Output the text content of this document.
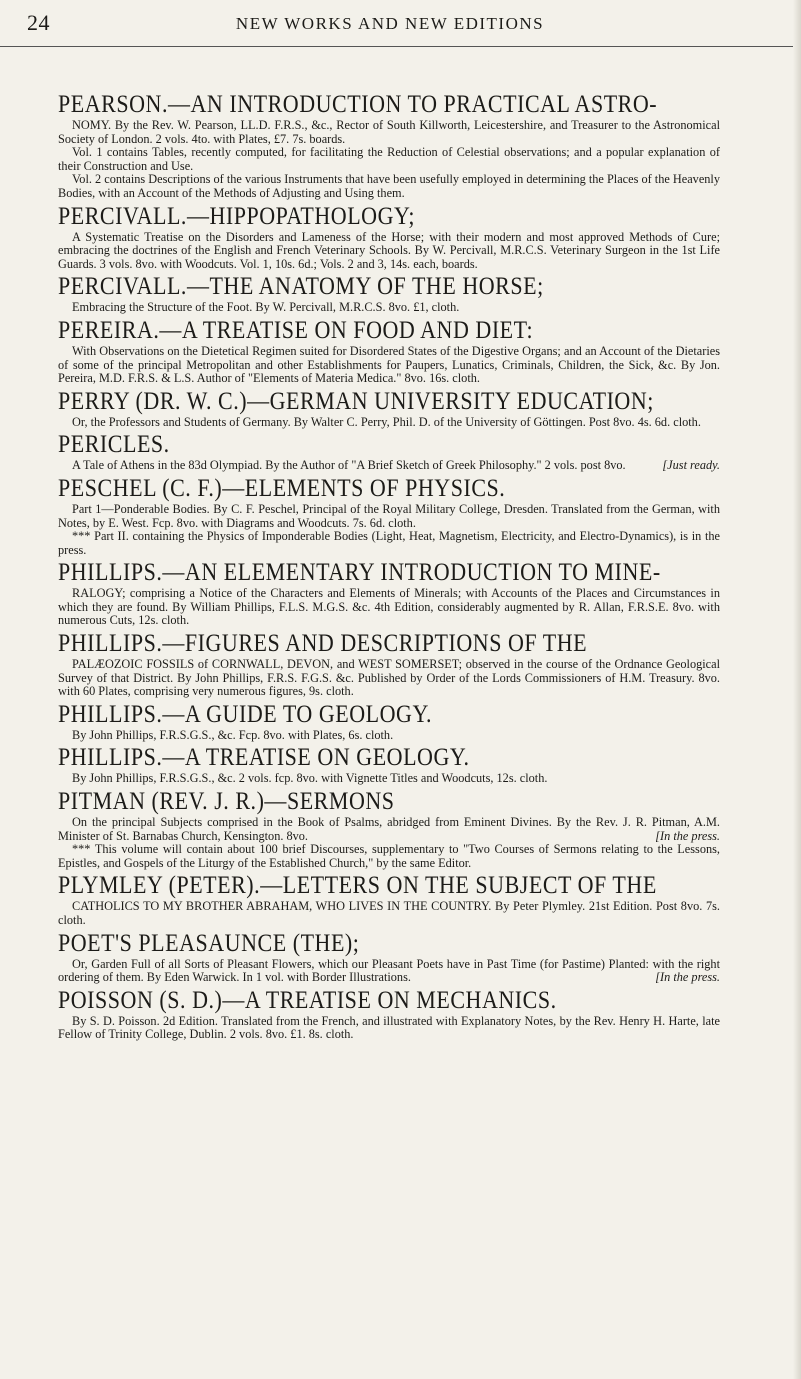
24	NEW WORKS AND NEW EDITIONS
PEARSON.—AN INTRODUCTION TO PRACTICAL ASTRO-

NOMY. By the Rev. W. Pearson, LL.D. F.R.S., &c., Rector of South Killworth, Leicestershire, and Treasurer to the Astronomical Society of London. 2 vols. 4to. with Plates, £7. 7s. boards.

Vol. 1 contains Tables, recently computed, for facilitating the Reduction of Celestial observations; and a popular explanation of their Construction and Use.

Vol. 2 contains Descriptions of the various Instruments that have been usefully employed in determining the Places of the Heavenly Bodies, with an Account of the Methods of Adjusting and Using them.

PERCIVALL.—HIPPOPATHOLOGY;

A Systematic Treatise on the Disorders and Lameness of the Horse; with their modern and most approved Methods of Cure; embracing the doctrines of the English and French Veterinary Schools. By W. Percivall, M.R.C.S. Veterinary Surgeon in the 1st Life Guards. 3 vols. 8vo. with Woodcuts. Vol. 1, 10s. 6d.; Vols. 2 and 3, 14s. each, boards.

PERCIVALL.—THE ANATOMY OF THE HORSE;

Embracing the Structure of the Foot. By W. Percivall, M.R.C.S. 8vo. £1, cloth.

PEREIRA.—A TREATISE ON FOOD AND DIET:

With Observations on the Dietetical Regimen suited for Disordered States of the Digestive Organs; and an Account of the Dietaries of some of the principal Metropolitan and other Establishments for Paupers, Lunatics, Criminals, Children, the Sick, &c. By Jon. Pereira, M.D. F.R.S. & L.S. Author of "Elements of Materia Medica." 8vo. 16s. cloth.

PERRY (DR. W. C.)—GERMAN UNIVERSITY EDUCATION;

Or, the Professors and Students of Germany. By Walter C. Perry, Phil. D. of the University of Göttingen. Post 8vo. 4s. 6d. cloth.

PERICLES.

A Tale of Athens in the 83d Olympiad. By the Author of "A Brief Sketch of Greek Philosophy." 2 vols. post 8vo.	[Just ready.

PESCHEL (C. F.)—ELEMENTS OF PHYSICS.

Part 1—Ponderable Bodies. By C. F. Peschel, Principal of the Royal Military College, Dresden. Translated from the German, with Notes, by E. West. Fcp. 8vo. with Diagrams and Woodcuts. 7s. 6d. cloth.

*** Part II. containing the Physics of Imponderable Bodies (Light, Heat, Magnetism, Electricity, and Electro-Dynamics), is in the press.

PHILLIPS.—AN ELEMENTARY INTRODUCTION TO MINE-

RALOGY; comprising a Notice of the Characters and Elements of Minerals; with Accounts of the Places and Circumstances in which they are found. By William Phillips, F.L.S. M.G.S. &c. 4th Edition, considerably augmented by R. Allan, F.R.S.E. 8vo. with numerous Cuts, 12s. cloth.

PHILLIPS.—FIGURES AND DESCRIPTIONS OF THE

PALÆOZOIC FOSSILS of CORNWALL, DEVON, and WEST SOMERSET; observed in the course of the Ordnance Geological Survey of that District. By John Phillips, F.R.S. F.G.S. &c. Published by Order of the Lords Commissioners of H.M. Treasury. 8vo. with 60 Plates, comprising very numerous figures, 9s. cloth.

PHILLIPS.—A GUIDE TO GEOLOGY.

By John Phillips, F.R.S.G.S., &c. Fcp. 8vo. with Plates, 6s. cloth.

PHILLIPS.—A TREATISE ON GEOLOGY.

By John Phillips, F.R.S.G.S., &c. 2 vols. fcp. 8vo. with Vignette Titles and Woodcuts, 12s. cloth.

PITMAN (REV. J. R.)—SERMONS

On the principal Subjects comprised in the Book of Psalms, abridged from Eminent Divines. By the Rev. J. R. Pitman, A.M. Minister of St. Barnabas Church, Kensington. 8vo.	[In the press.

*** This volume will contain about 100 brief Discourses, supplementary to "Two Courses of Sermons relating to the Lessons, Epistles, and Gospels of the Liturgy of the Established Church," by the same Editor.

PLYMLEY (PETER).—LETTERS ON THE SUBJECT OF THE

CATHOLICS TO MY BROTHER ABRAHAM, WHO LIVES IN THE COUNTRY. By Peter Plymley. 21st Edition. Post 8vo. 7s. cloth.

POET'S PLEASAUNCE (THE);

Or, Garden Full of all Sorts of Pleasant Flowers, which our Pleasant Poets have in Past Time (for Pastime) Planted: with the right ordering of them. By Eden Warwick. In 1 vol. with Border Illustrations.	[In the press.

POISSON (S. D.)—A TREATISE ON MECHANICS.

By S. D. Poisson. 2d Edition. Translated from the French, and illustrated with Explanatory Notes, by the Rev. Henry H. Harte, late Fellow of Trinity College, Dublin. 2 vols. 8vo. £1. 8s. cloth.
